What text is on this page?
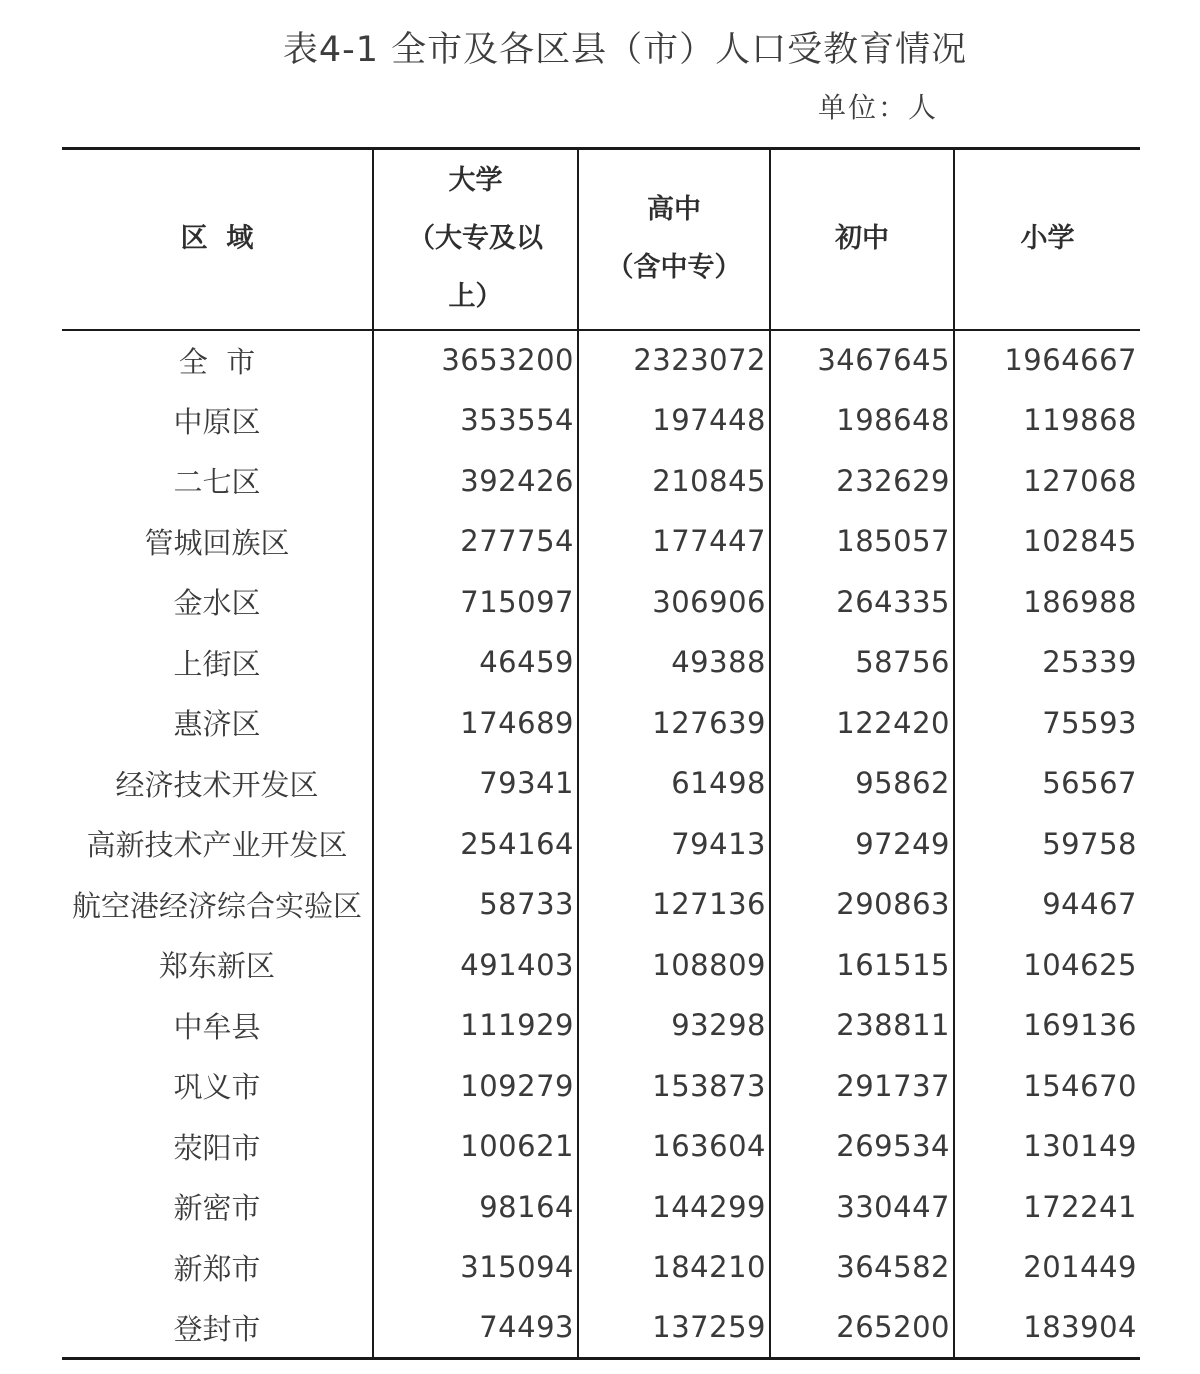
表4-1 全市及各区县（市）人口受教育情况
单位：人
区  域	大学
（大专及以
上）	高中
（含中专）	初中	小学
全  市	3653200	2323072	3467645	1964667
中原区	353554	197448	198648	119868
二七区	392426	210845	232629	127068
管城回族区	277754	177447	185057	102845
金水区	715097	306906	264335	186988
上街区	46459	49388	58756	25339
惠济区	174689	127639	122420	75593
经济技术开发区	79341	61498	95862	56567
高新技术产业开发区	254164	79413	97249	59758
航空港经济综合实验区	58733	127136	290863	94467
郑东新区	491403	108809	161515	104625
中牟县	111929	93298	238811	169136
巩义市	109279	153873	291737	154670
荥阳市	100621	163604	269534	130149
新密市	98164	144299	330447	172241
新郑市	315094	184210	364582	201449
登封市	74493	137259	265200	183904
